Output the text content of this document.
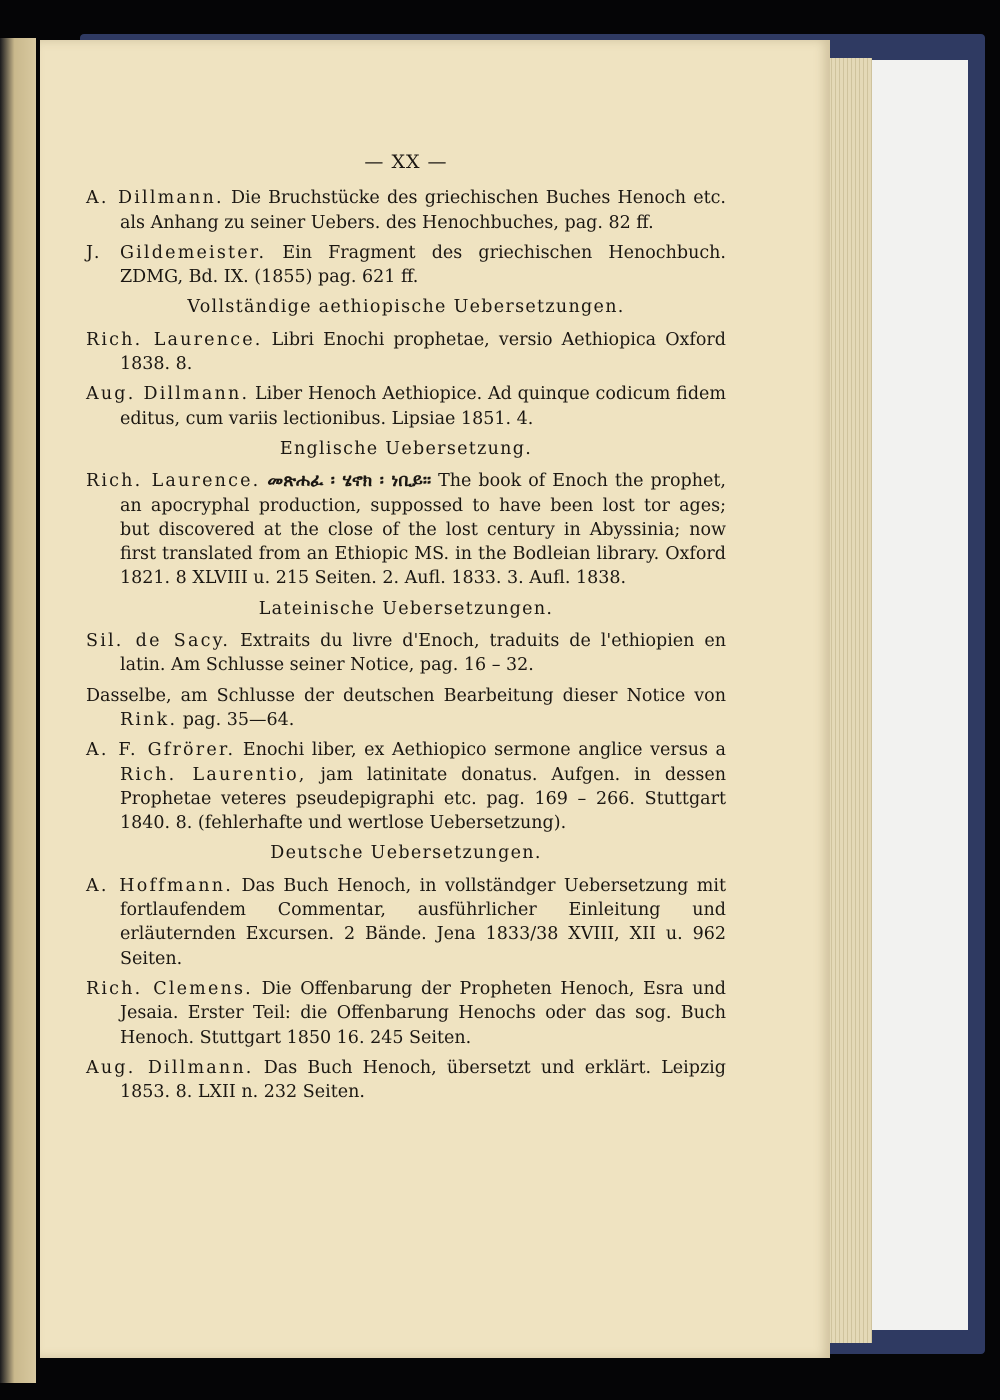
— XX —

A. Dillmann. Die Bruchstücke des griechischen Buches Henoch etc. als Anhang zu seiner Uebers. des Henochbuches, pag. 82 ff.

J. Gildemeister. Ein Fragment des griechischen Henochbuch. ZDMG, Bd. IX. (1855) pag. 621 ff.

Vollständige aethiopische Uebersetzungen.

Rich. Laurence. Libri Enochi prophetae, versio Aethiopica Oxford 1838. 8.

Aug. Dillmann. Liber Henoch Aethiopice. Ad quinque codicum fidem editus, cum variis lectionibus. Lipsiae 1851. 4.

Englische Uebersetzung.

Rich. Laurence. መጽሐፈ ፡ ሄኖክ ፡ ነቢይ፡፡ The book of Enoch the prophet, an apocryphal production, suppossed to have been lost tor ages; but discovered at the close of the lost century in Abyssinia; now first translated from an Ethiopic MS. in the Bodleian library. Oxford 1821. 8 XLVIII u. 215 Seiten. 2. Aufl. 1833. 3. Aufl. 1838.

Lateinische Uebersetzungen.

Sil. de Sacy. Extraits du livre d'Enoch, traduits de l'ethiopien en latin. Am Schlusse seiner Notice, pag. 16 – 32.

Dasselbe, am Schlusse der deutschen Bearbeitung dieser Notice von Rink. pag. 35—64.

A. F. Gfrörer. Enochi liber, ex Aethiopico sermone anglice versus a Rich. Laurentio, jam latinitate donatus. Aufgen. in dessen Prophetae veteres pseudepigraphi etc. pag. 169 – 266. Stuttgart 1840. 8. (fehlerhafte und wertlose Uebersetzung).

Deutsche Uebersetzungen.

A. Hoffmann. Das Buch Henoch, in vollständger Uebersetzung mit fortlaufendem Commentar, ausführlicher Einleitung und erläuternden Excursen. 2 Bände. Jena 1833/38 XVIII, XII u. 962 Seiten.

Rich. Clemens. Die Offenbarung der Propheten Henoch, Esra und Jesaia. Erster Teil: die Offenbarung Henochs oder das sog. Buch Henoch. Stuttgart 1850 16. 245 Seiten.

Aug. Dillmann. Das Buch Henoch, übersetzt und erklärt. Leipzig 1853. 8. LXII n. 232 Seiten.
